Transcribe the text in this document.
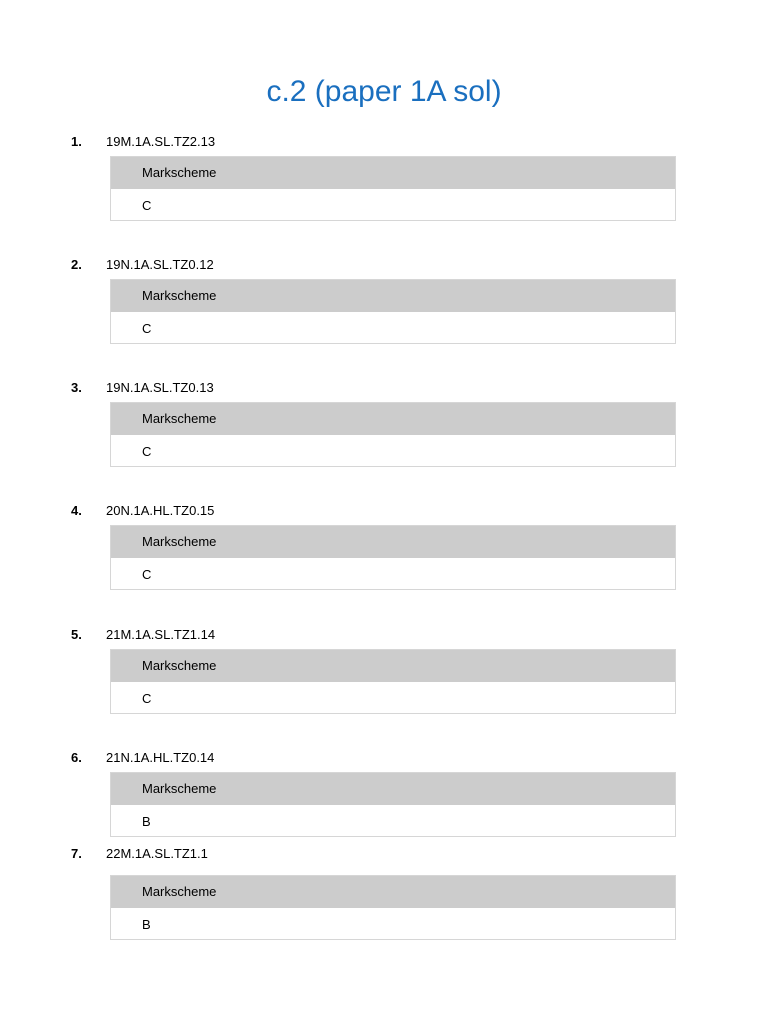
c.2 (paper 1A sol)
1. 19M.1A.SL.TZ2.13
Markscheme
C
2. 19N.1A.SL.TZ0.12
Markscheme
C
3. 19N.1A.SL.TZ0.13
Markscheme
C
4. 20N.1A.HL.TZ0.15
Markscheme
C
5. 21M.1A.SL.TZ1.14
Markscheme
C
6. 21N.1A.HL.TZ0.14
Markscheme
B
7. 22M.1A.SL.TZ1.1
Markscheme
B
